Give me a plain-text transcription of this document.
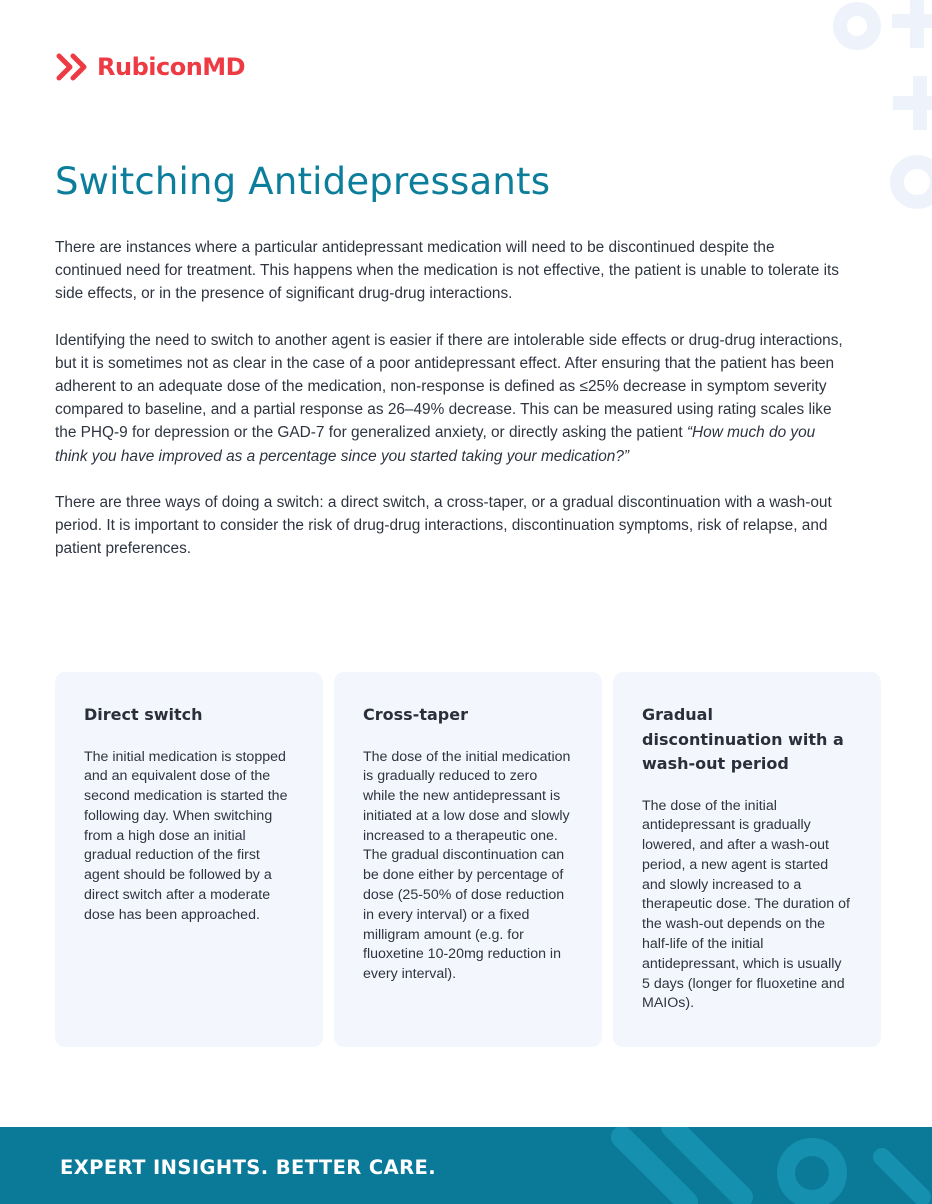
RubiconMD
Switching Antidepressants

There are instances where a particular antidepressant medication will need to be discontinued despite the continued need for treatment. This happens when the medication is not effective, the patient is unable to tolerate its side effects, or in the presence of significant drug-drug interactions.

Identifying the need to switch to another agent is easier if there are intolerable side effects or drug-drug interactions, but it is sometimes not as clear in the case of a poor antidepressant effect. After ensuring that the patient has been adherent to an adequate dose of the medication, non-response is defined as ≤25% decrease in symptom severity compared to baseline, and a partial response as 26–49% decrease. This can be measured using rating scales like the PHQ-9 for depression or the GAD-7 for generalized anxiety, or directly asking the patient “How much do you think you have improved as a percentage since you started taking your medication?”

There are three ways of doing a switch: a direct switch, a cross-taper, or a gradual discontinuation with a wash-out period. It is important to consider the risk of drug-drug interactions, discontinuation symptoms, risk of relapse, and patient preferences.

Direct switch

The initial medication is stopped and an equivalent dose of the second medication is started the following day. When switching from a high dose an initial gradual reduction of the first agent should be followed by a direct switch after a moderate dose has been approached.

Cross-taper

The dose of the initial medication is gradually reduced to zero while the new antidepressant is initiated at a low dose and slowly increased to a therapeutic one. The gradual discontinuation can be done either by percentage of dose (25-50% of dose reduction in every interval) or a fixed milligram amount (e.g. for fluoxetine 10-20mg reduction in every interval).

Gradual discontinuation with a wash-out period

The dose of the initial antidepressant is gradually lowered, and after a wash-out period, a new agent is started and slowly increased to a therapeutic dose. The duration of the wash-out depends on the half-life of the initial antidepressant, which is usually 5 days (longer for fluoxetine and MAIOs).

EXPERT INSIGHTS. BETTER CARE.
